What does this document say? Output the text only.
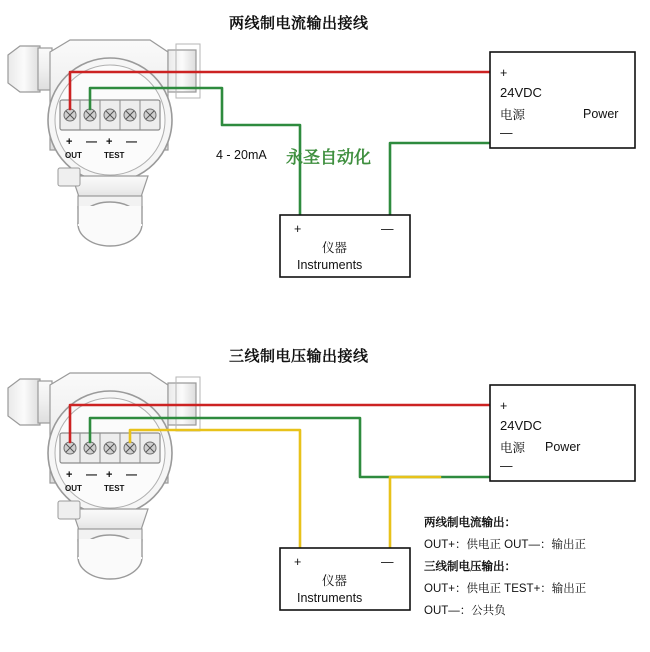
两线制电流输出接线
+
24VDC
电源	Power
—
+	—
仪器
Instruments
4 - 20mA 永圣自动化
+ — + —
OUT	TEST
三线制电压输出接线
+
24VDC
电源 Power
—
+	—
仪器
Instruments
+ — + —
OUT	TEST
两线制电流输出：
OUT+：供电正 OUT—：输出正
三线制电压输出：
OUT+：供电正 TEST+：输出正
OUT—：公共负
